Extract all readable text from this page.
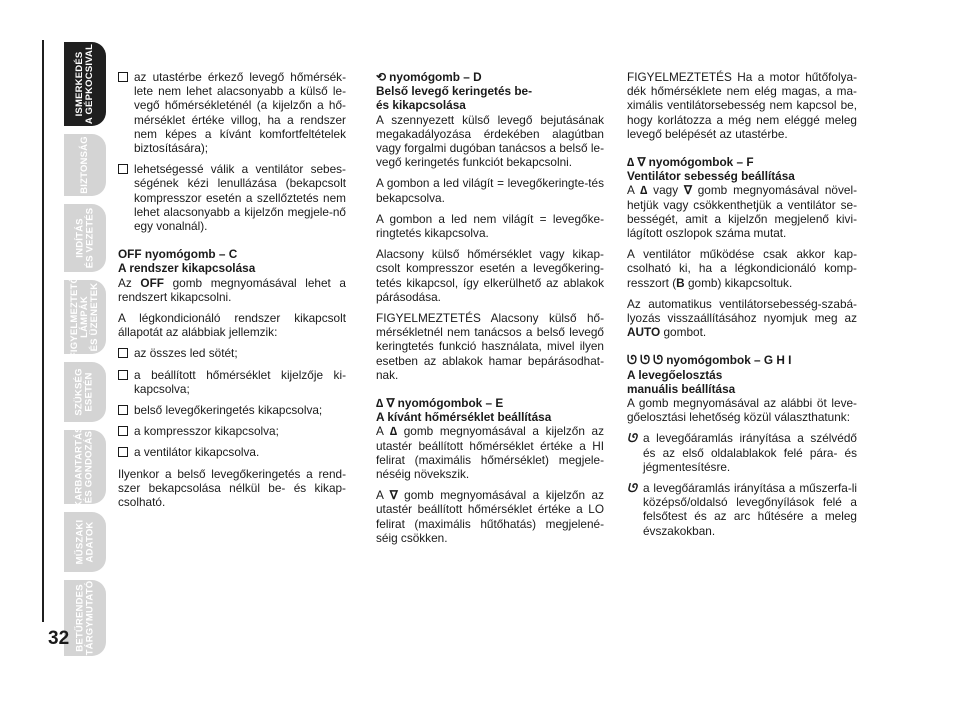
ISMERKEDÉS
A GÉPKOCSIVAL
BIZTONSÁG
INDÍTÁS
ÉS VEZETÉS
FIGYELMEZTETŐ
LÁMPÁK
ÉS ÜZENETEK
SZÜKSÉG
ESETÉN
KARBANTARTÁS
ÉS GONDOZÁS
MŰSZAKI
ADATOK
BETŰRENDES
TÁRGYMUTATÓ
32
az utastérbe érkező levegő hőmérsék-lete nem lehet alacsonyabb a külső le-vegő hőmérsékleténél (a kijelzőn a hő-mérséklet értéke villog, ha a rendszer nem képes a kívánt komfortfeltételek biztosítására);
lehetségessé válik a ventilátor sebes-ségének kézi lenullázása (bekapcsolt kompresszor esetén a szellőztetés nem lehet alacsonyabb a kijelzőn megjele-nő egy vonalnál).
OFF nyomógomb – C
A rendszer kikapcsolása
Az OFF gomb megnyomásával lehet a rendszert kikapcsolni.
A légkondicionáló rendszer kikapcsolt állapotát az alábbiak jellemzik:
az összes led sötét;
a beállított hőmérséklet kijelzője ki-kapcsolva;
belső levegőkeringetés kikapcsolva;
a kompresszor kikapcsolva;
a ventilátor kikapcsolva.
Ilyenkor a belső levegőkeringetés a rend-szer bekapcsolása nélkül be- és kikap-csolható.
⟲ nyomógomb – D
Belső levegő keringetés be-
és kikapcsolása
A szennyezett külső levegő bejutásának megakadályozása érdekében alagútban vagy forgalmi dugóban tanácsos a belső le-vegő keringetés funkciót bekapcsolni.
A gombon a led világít = levegőkeringte-tés bekapcsolva.
A gombon a led nem világít = levegőke-ringtetés kikapcsolva.
Alacsony külső hőmérséklet vagy kikap-csolt kompresszor esetén a levegőkering-tetés kikapcsol, így elkerülhető az ablakok párásodása.
FIGYELMEZTETÉS Alacsony külső hő-mérsékletnél nem tanácsos a belső levegő keringtetés funkció használata, mivel ilyen esetben az ablakok hamar bepárásodhat-nak.
∆ ∇ nyomógombok – E
A kívánt hőmérséklet beállítása
A ∆ gomb megnyomásával a kijelzőn az utastér beállított hőmérséklet értéke a HI felirat (maximális hőmérséklet) megjele-néséig növekszik.
A ∇ gomb megnyomásával a kijelzőn az utastér beállított hőmérséklet értéke a LO felirat (maximális hűtőhatás) megjelené-séig csökken.
FIGYELMEZTETÉS Ha a motor hűtőfolya-dék hőmérséklete nem elég magas, a ma-ximális ventilátorsebesség nem kapcsol be, hogy korlátozza a még nem eléggé meleg levegő belépését az utastérbe.
∆ ∇ nyomógombok – F
Ventilátor sebesség beállítása
A ∆ vagy ∇ gomb megnyomásával növel-hetjük vagy csökkenthetjük a ventilátor se-bességét, amit a kijelzőn megjelenő kivi-lágított oszlopok száma mutat.
A ventilátor működése csak akkor kap-csolható ki, ha a légkondicionáló komp-resszort (B gomb) kikapcsoltuk.
Az automatikus ventilátorsebesség-szabá-lyozás visszaállításához nyomjuk meg az AUTO gombot.
ᘎ ᘎ ᘎ nyomógombok – G H I
A levegőelosztás
manuális beállítása
A gomb megnyomásával az alábbi öt leve-gőelosztási lehetőség közül választhatunk:
ᘎ a levegőáramlás irányítása a szélvédő és az első oldalablakok felé pára- és jégmentesítésre.
ᘎ a levegőáramlás irányítása a műszerfa-li középső/oldalsó levegőnyílások felé a felsőtest és az arc hűtésére a meleg évszakokban.
